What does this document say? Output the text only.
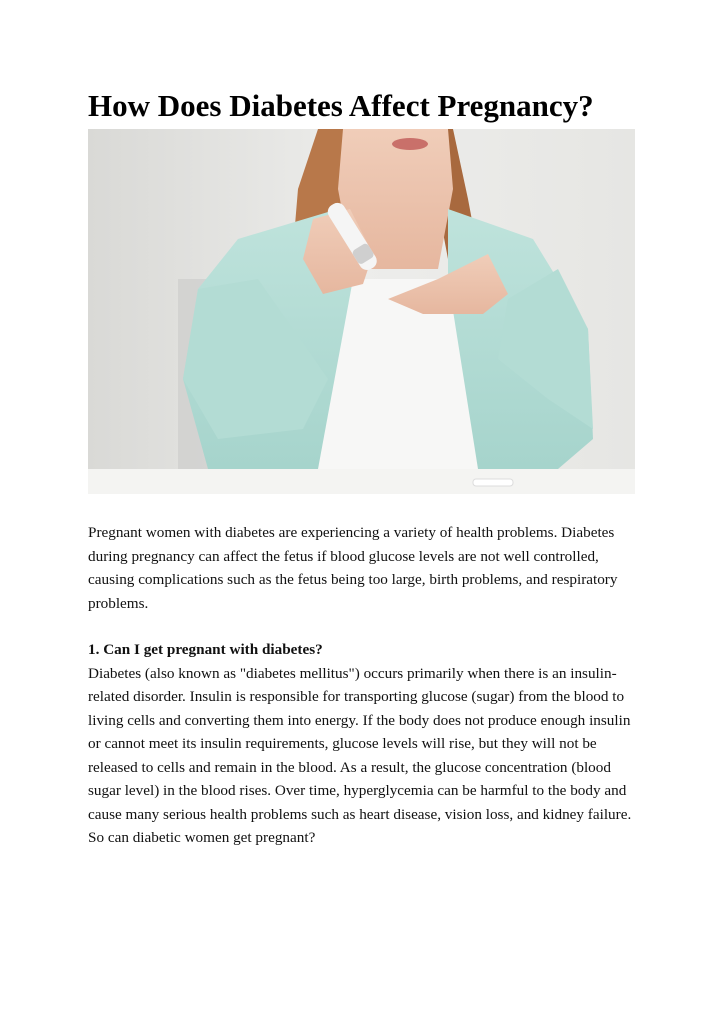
How Does Diabetes Affect Pregnancy?

Pregnant women with diabetes are experiencing a variety of health problems. Diabetes during pregnancy can affect the fetus if blood glucose levels are not well controlled, causing complications such as the fetus being too large, birth problems, and respiratory problems.

1. Can I get pregnant with diabetes?

Diabetes (also known as "diabetes mellitus") occurs primarily when there is an insulin-related disorder. Insulin is responsible for transporting glucose (sugar) from the blood to living cells and converting them into energy. If the body does not produce enough insulin or cannot meet its insulin requirements, glucose levels will rise, but they will not be released to cells and remain in the blood. As a result, the glucose concentration (blood sugar level) in the blood rises. Over time, hyperglycemia can be harmful to the body and cause many serious health problems such as heart disease, vision loss, and kidney failure. So can diabetic women get pregnant?
